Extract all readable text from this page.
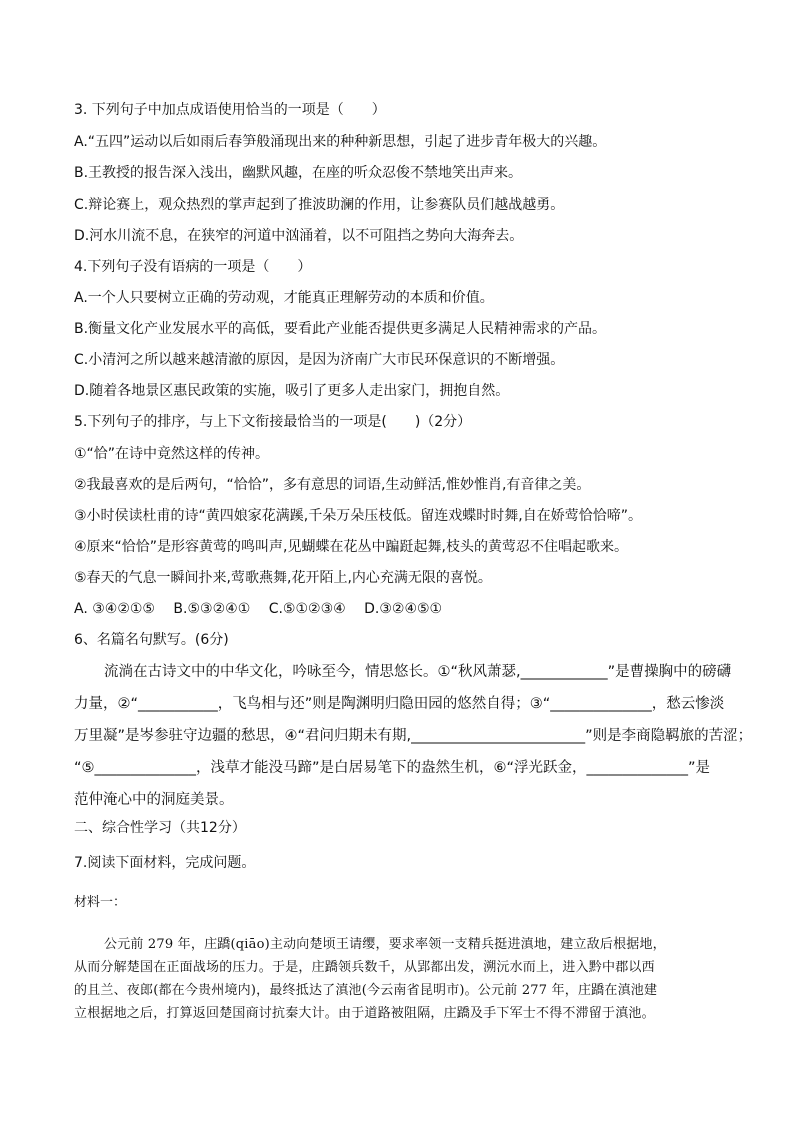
3. 下列句子中加点成语使用恰当的一项是（　　）
A.“五四”运动以后如雨后春笋般涌现出来的种种新思想，引起了进步青年极大的兴趣。
B.王教授的报告深入浅出，幽默风趣，在座的听众忍俊不禁地笑出声来。
C.辩论赛上，观众热烈的掌声起到了推波助澜的作用，让参赛队员们越战越勇。
D.河水川流不息，在狭窄的河道中汹涌着，以不可阻挡之势向大海奔去。
4.下列句子没有语病的一项是（　　）
A.一个人只要树立正确的劳动观，才能真正理解劳动的本质和价值。
B.衡量文化产业发展水平的高低，要看此产业能否提供更多满足人民精神需求的产品。
C.小清河之所以越来越清澈的原因，是因为济南广大市民环保意识的不断增强。
D.随着各地景区惠民政策的实施，吸引了更多人走出家门，拥抱自然。
5.下列句子的排序，与上下文衔接最恰当的一项是(　　)（2分）
①“恰”在诗中竟然这样的传神。
②我最喜欢的是后两句，“恰恰”，多有意思的词语,生动鲜活,惟妙惟肖,有音律之美。
③小时侯读杜甫的诗“黄四娘家花满蹊,千朵万朵压枝低。留连戏蝶时时舞,自在娇莺恰恰啼”。
④原来“恰恰”是形容黄莺的鸣叫声,见蝴蝶在花丛中蹁跹起舞,枝头的黄莺忍不住唱起歌来。
⑤春天的气息一瞬间扑来,莺歌燕舞,花开陌上,内心充满无限的喜悦。
A. ③④②①⑤　 B.⑤③②④①　 C.⑤①②③④　 D.③②④⑤①
6、名篇名句默写。(6分)
流淌在古诗文中的中华文化，吟咏至今，情思悠长。①“秋风萧瑟,____________”是曹操胸中的磅礴
力量，②“___________，飞鸟相与还”则是陶渊明归隐田园的悠然自得；③“______________，愁云惨淡
万里凝”是岑参驻守边疆的愁思，④“君问归期未有期,________________________”则是李商隐羁旅的苦涩；
“⑤______________，浅草才能没马蹄”是白居易笔下的盎然生机，⑥“浮光跃金，______________”是
范仲淹心中的洞庭美景。
二、综合性学习（共12分）
7.阅读下面材料，完成问题。
材料一：
公元前 279 年，庄蹻(qiāo)主动向楚顷王请缨，要求率领一支精兵挺进滇地，建立敌后根据地，
从而分解楚国在正面战场的压力。于是，庄蹻领兵数千，从郢都出发，溯沅水而上，进入黔中郡以西
的且兰、夜郎(都在今贵州境内)，最终抵达了滇池(今云南省昆明市)。公元前 277 年，庄蹻在滇池建
立根据地之后，打算返回楚国商讨抗秦大计。由于道路被阻隔，庄蹻及手下军士不得不滞留于滇池。
